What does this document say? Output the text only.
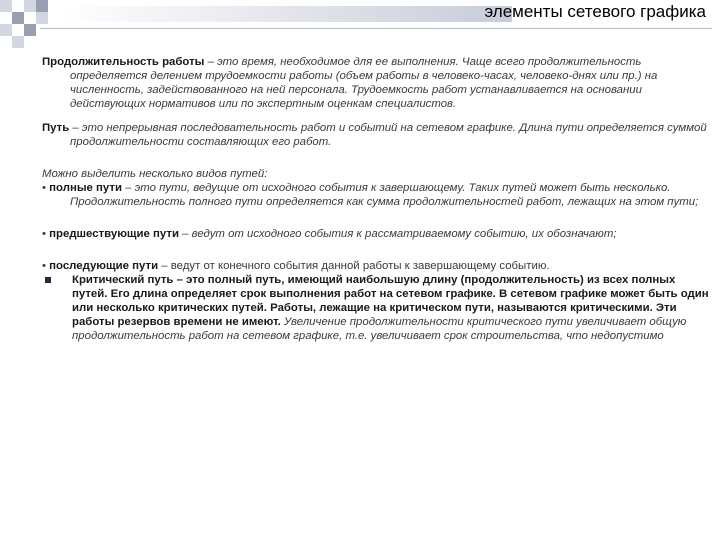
элементы сетевого графика

Продолжительность работы – это время, необходимое для ее выполнения. Чаще всего продолжительность определяется делением трудоемкости работы (объем работы в человеко-часах, человеко-днях или пр.) на численность, задействованного на ней персонала. Трудоемкость работ устанавливается на основании действующих нормативов или по экспертным оценкам специалистов.

Путь – это непрерывная последовательность работ и событий на сетевом графике. Длина пути определяется суммой продолжительности составляющих его работ.

Можно выделить несколько видов путей:

• полные пути – это пути, ведущие от исходного события к завершающему. Таких путей может быть несколько. Продолжительность полного пути определяется как сумма продолжительностей работ, лежащих на этом пути;

• предшествующие пути – ведут от исходного события к рассматриваемому событию, их обозначают;

• последующие пути – ведут от конечного события данной работы к завершающему событию.

Критический путь – это полный путь, имеющий наибольшую длину (продолжительность) из всех полных путей. Его длина определяет срок выполнения работ на сетевом графике. В сетевом графике может быть один или несколько критических путей. Работы, лежащие на критическом пути, называются критическими. Эти работы резервов времени не имеют. Увеличение продолжительности критического пути увеличивает общую продолжительность работ на сетевом графике, т.е. увеличивает срок строительства, что недопустимо
